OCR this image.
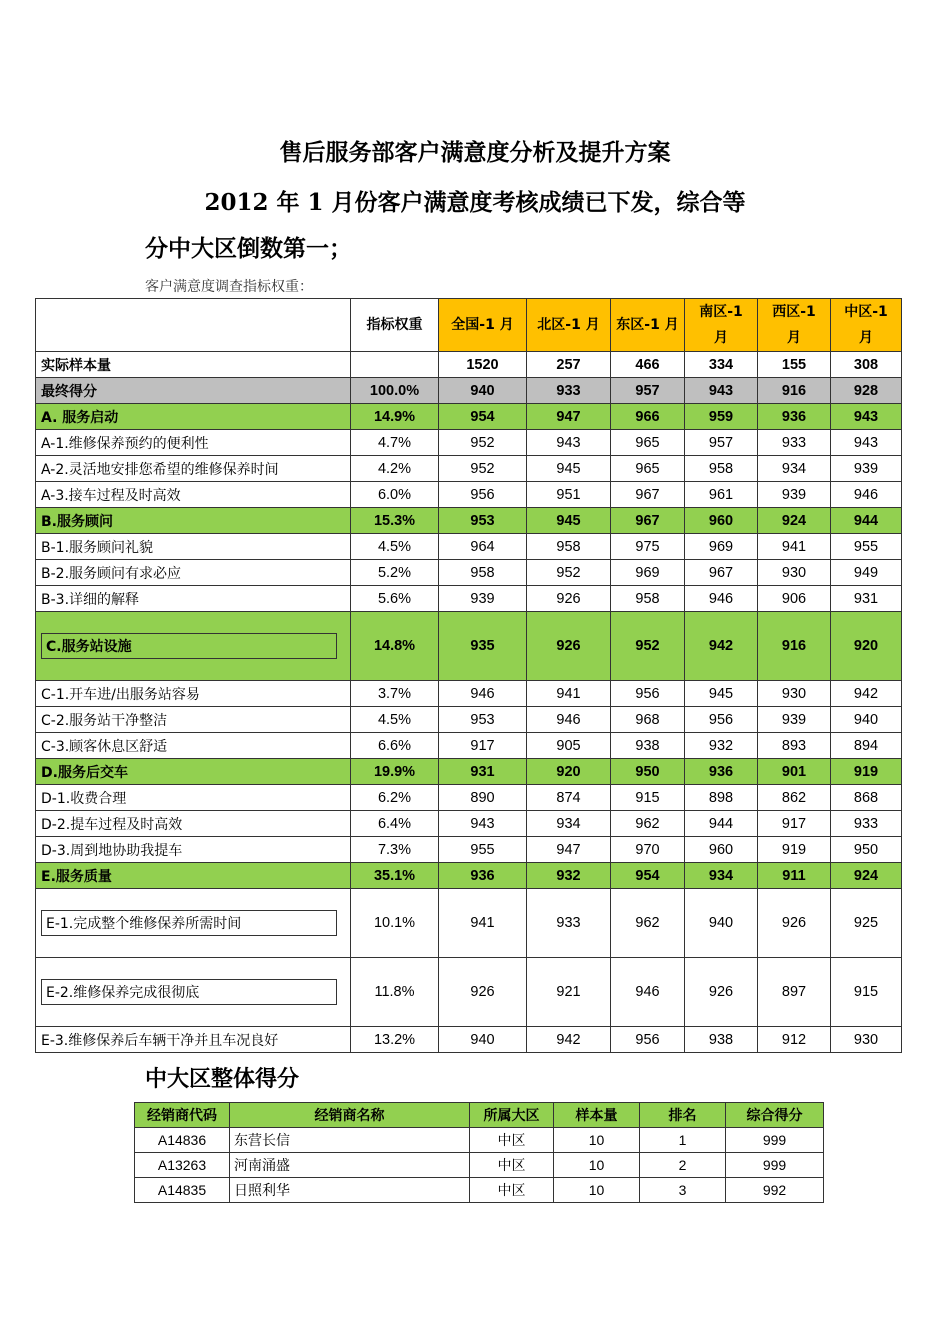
售后服务部客户满意度分析及提升方案
2012 年 1 月份客户满意度考核成绩已下发，综合等
分中大区倒数第一；
客户满意度调查指标权重：
	指标权重	全国-1 月	北区-1 月	东区-1 月	南区-1 月	西区-1 月	中区-1 月
实际样本量		1520	257	466	334	155	308
最终得分	100.0%	940	933	957	943	916	928
A. 服务启动	14.9%	954	947	966	959	936	943
A-1.维修保养预约的便利性	4.7%	952	943	965	957	933	943
A-2.灵活地安排您希望的维修保养时间	4.2%	952	945	965	958	934	939
A-3.接车过程及时高效	6.0%	956	951	967	961	939	946
B.服务顾问	15.3%	953	945	967	960	924	944
B-1.服务顾问礼貌	4.5%	964	958	975	969	941	955
B-2.服务顾问有求必应	5.2%	958	952	969	967	930	949
B-3.详细的解释	5.6%	939	926	958	946	906	931
C.服务站设施	14.8%	935	926	952	942	916	920
C-1.开车进/出服务站容易	3.7%	946	941	956	945	930	942
C-2.服务站干净整洁	4.5%	953	946	968	956	939	940
C-3.顾客休息区舒适	6.6%	917	905	938	932	893	894
D.服务后交车	19.9%	931	920	950	936	901	919
D-1.收费合理	6.2%	890	874	915	898	862	868
D-2.提车过程及时高效	6.4%	943	934	962	944	917	933
D-3.周到地协助我提车	7.3%	955	947	970	960	919	950
E.服务质量	35.1%	936	932	954	934	911	924
E-1.完成整个维修保养所需时间	10.1%	941	933	962	940	926	925
E-2.维修保养完成很彻底	11.8%	926	921	946	926	897	915
E-3.维修保养后车辆干净并且车况良好	13.2%	940	942	956	938	912	930
中大区整体得分
经销商代码	经销商名称	所属大区	样本量	排名	综合得分
A14836	东营长信	中区	10	1	999
A13263	河南涌盛	中区	10	2	999
A14835	日照利华	中区	10	3	992
